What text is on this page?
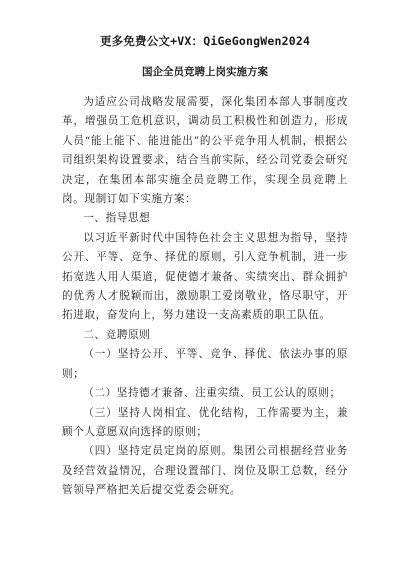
更多免费公文+VX：QiGeGongWen2024
国企全员竞聘上岗实施方案

为适应公司战略发展需要，深化集团本部人事制度改革，增强员工危机意识，调动员工积极性和创造力，形成人员“能上能下、能进能出”的公平竞争用人机制，根据公司组织架构设置要求，结合当前实际，经公司党委会研究决定，在集团本部实施全员竞聘工作，实现全员竞聘上岗。现制订如下实施方案：

一、指导思想

以习近平新时代中国特色社会主义思想为指导，坚持公开、平等、竞争、择优的原则，引入竞争机制，进一步拓宽选人用人渠道，促使德才兼备、实绩突出、群众拥护的优秀人才脱颖而出，激励职工爱岗敬业，恪尽职守，开拓进取，奋发向上，努力建设一支高素质的职工队伍。

二、竞聘原则

（一）坚持公开、平等、竞争、择优、依法办事的原则；

（二）坚持德才兼备、注重实绩、员工公认的原则；

（三）坚持人岗相宜、优化结构，工作需要为主，兼顾个人意愿双向选择的原则；

（四）坚持定员定岗的原则。集团公司根据经营业务及经营效益情况，合理设置部门、岗位及职工总数，经分管领导严格把关后提交党委会研究。
